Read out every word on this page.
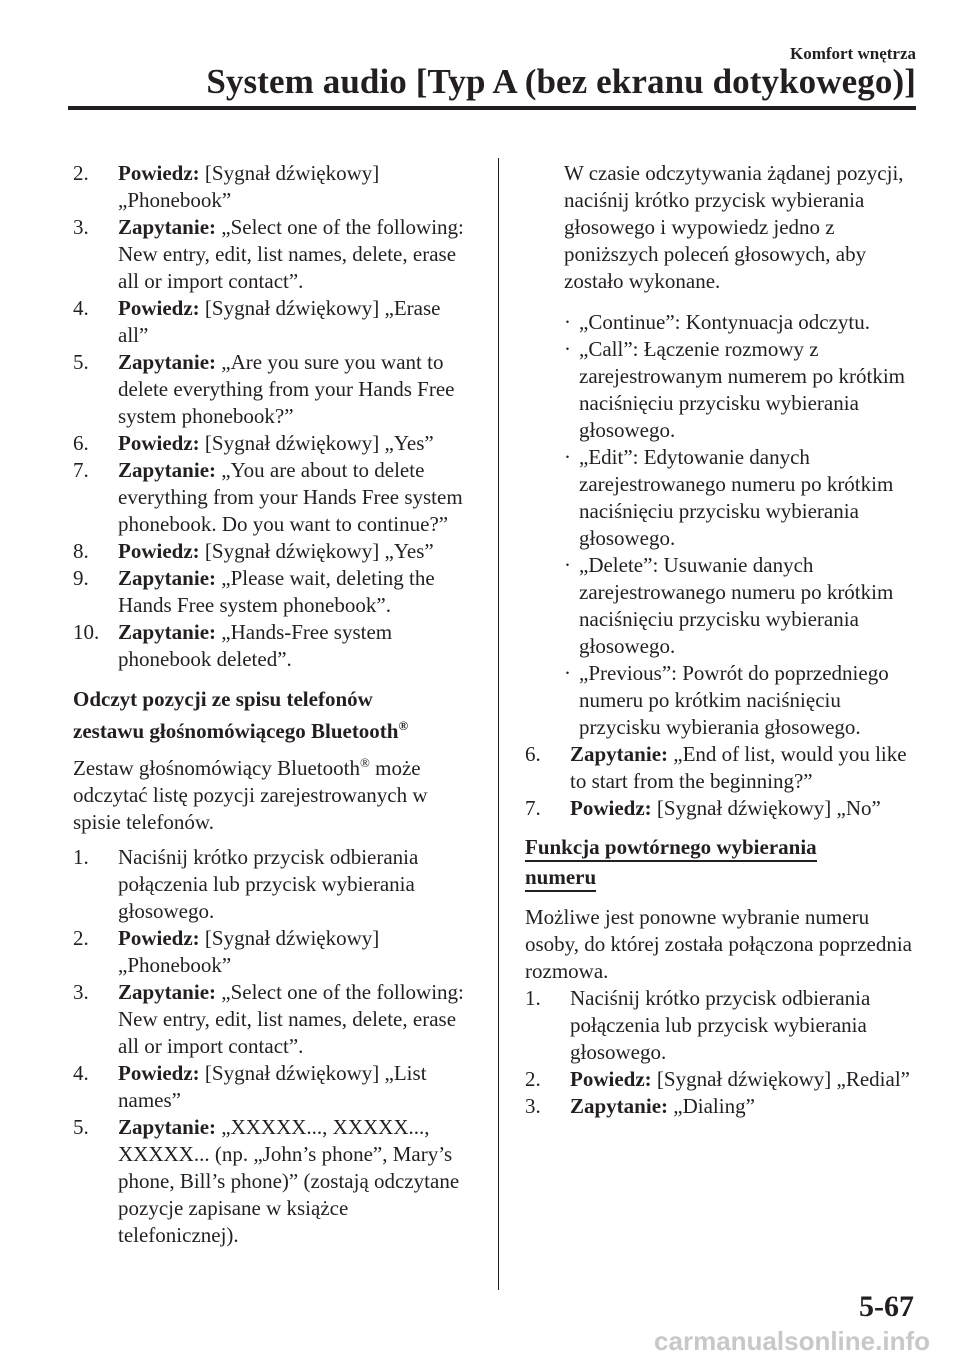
Komfort wnętrza
System audio [Typ A (bez ekranu dotykowego)]
2. Powiedz: [Sygnał dźwiękowy] „Phonebook”
3. Zapytanie: „Select one of the following: New entry, edit, list names, delete, erase all or import contact”.
4. Powiedz: [Sygnał dźwiękowy] „Erase all”
5. Zapytanie: „Are you sure you want to delete everything from your Hands Free system phonebook?”
6. Powiedz: [Sygnał dźwiękowy] „Yes”
7. Zapytanie: „You are about to delete everything from your Hands Free system phonebook. Do you want to continue?”
8. Powiedz: [Sygnał dźwiękowy] „Yes”
9. Zapytanie: „Please wait, deleting the Hands Free system phonebook”.
10. Zapytanie: „Hands-Free system phonebook deleted”.
Odczyt pozycji ze spisu telefonów
zestawu głośnomówiącego Bluetooth®
Zestaw głośnomówiący Bluetooth® może odczytać listę pozycji zarejestrowanych w spisie telefonów.
1. Naciśnij krótko przycisk odbierania połączenia lub przycisk wybierania głosowego.
2. Powiedz: [Sygnał dźwiękowy] „Phonebook”
3. Zapytanie: „Select one of the following: New entry, edit, list names, delete, erase all or import contact”.
4. Powiedz: [Sygnał dźwiękowy] „List names”
5. Zapytanie: „XXXXX..., XXXXX..., XXXXX... (np. „John’s phone”, Mary’s phone, Bill’s phone)” (zostają odczytane pozycje zapisane w książce telefonicznej).
W czasie odczytywania żądanej pozycji, naciśnij krótko przycisk wybierania głosowego i wypowiedz jedno z poniższych poleceń głosowych, aby zostało wykonane.
· „Continue”: Kontynuacja odczytu.
· „Call”: Łączenie rozmowy z zarejestrowanym numerem po krótkim naciśnięciu przycisku wybierania głosowego.
· „Edit”: Edytowanie danych zarejestrowanego numeru po krótkim naciśnięciu przycisku wybierania głosowego.
· „Delete”: Usuwanie danych zarejestrowanego numeru po krótkim naciśnięciu przycisku wybierania głosowego.
· „Previous”: Powrót do poprzedniego numeru po krótkim naciśnięciu przycisku wybierania głosowego.
6. Zapytanie: „End of list, would you like to start from the beginning?”
7. Powiedz: [Sygnał dźwiękowy] „No”
Funkcja powtórnego wybierania
numeru
Możliwe jest ponowne wybranie numeru osoby, do której została połączona poprzednia rozmowa.
1. Naciśnij krótko przycisk odbierania połączenia lub przycisk wybierania głosowego.
2. Powiedz: [Sygnał dźwiękowy] „Redial”
3. Zapytanie: „Dialing”
5-67
carmanualsonline.info
